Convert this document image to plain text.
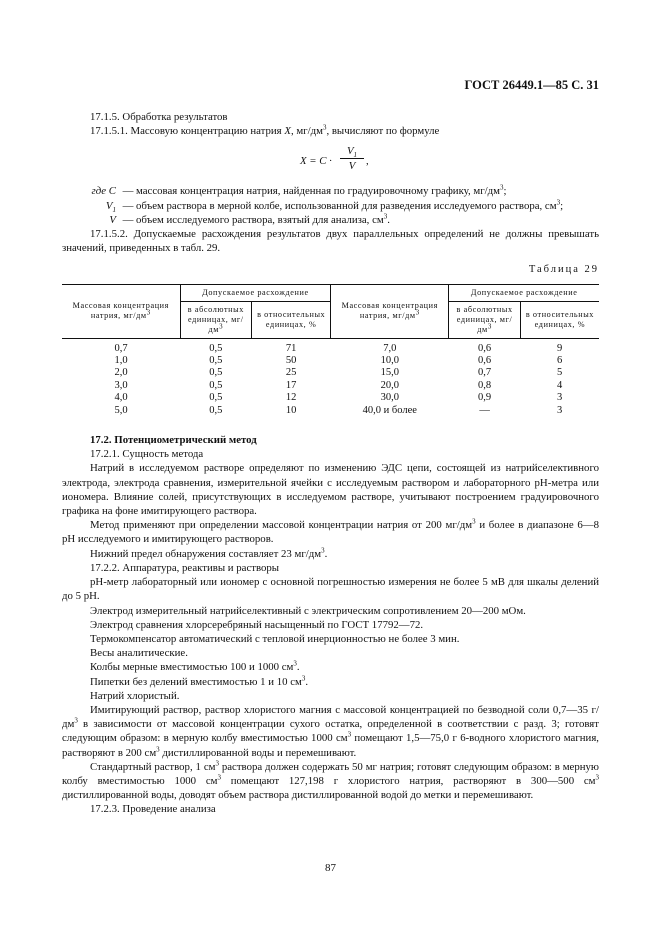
ГОСТ 26449.1—85 С. 31

17.1.5. Обработка результатов

17.1.5.1. Массовую концентрацию натрия X, $мг/дм^3$, вычисляют по формуле

$X = C \cdot \frac{V_1}{V}$ ,
где C — массовая концентрация натрия, найденная по градуировочному графику, $мг/дм^3$;
$V_1$ — объем раствора в мерной колбе, использованной для разведения исследуемого раствора, $см^3$;
V — объем исследуемого раствора, взятый для анализа, $см^3$.

17.1.5.2. Допускаемые расхождения результатов двух параллельных определений не должны превышать значений, приведенных в табл. 29.

Таблица 29
Массовая концентрация натрия, $мг/дм^3$	Допускаемое расхождение		Массовая концентрация натрия, $мг/дм^3$	Допускаемое расхождение	
	в абсолютных единицах, $мг/дм^3$	в относительных единицах, %		в абсолютных единицах, $мг/дм^3$	в относительных единицах, %
0,7	0,5	71	7,0	0,6	9
1,0	0,5	50	10,0	0,6	6
2,0	0,5	25	15,0	0,7	5
3,0	0,5	17	20,0	0,8	4
4,0	0,5	12	30,0	0,9	3
5,0	0,5	10	40,0 и более	—	3

17.2. Потенциометрический метод

17.2.1. Сущность метода

Натрий в исследуемом растворе определяют по изменению ЭДС цепи, состоящей из натрийселективного электрода, электрода сравнения, измерительной ячейки с исследуемым раствором и лабораторного рН-метра или иономера. Влияние солей, присутствующих в исследуемом растворе, учитывают построением градуировочного графика на фоне имитирующего раствора.

Метод применяют при определении массовой концентрации натрия от 200 $мг/дм^3$ и более в диапазоне 6—8 рН исследуемого и имитирующего растворов.

Нижний предел обнаружения составляет 23 $мг/дм^3$.

17.2.2. Аппаратура, реактивы и растворы

рН-метр лабораторный или иономер с основной погрешностью измерения не более 5 мВ для шкалы делений до 5 рН.

Электрод измерительный натрийселективный с электрическим сопротивлением 20—200 мОм.

Электрод сравнения хлорсеребряный насыщенный по ГОСТ 17792—72.

Термокомпенсатор автоматический с тепловой инерционностью не более 3 мин.

Весы аналитические.

Колбы мерные вместимостью 100 и 1000 $см^3$.

Пипетки без делений вместимостью 1 и 10 $см^3$.

Натрий хлористый.

Имитирующий раствор, раствор хлористого магния с массовой концентрацией по безводной соли 0,7—35 $г/дм^3$ в зависимости от массовой концентрации сухого остатка, определенной в соответствии с разд. 3; готовят следующим образом: в мерную колбу вместимостью 1000 $см^3$ помещают 1,5—75,0 г 6-водного хлористого магния, растворяют в 200 $см^3$ дистиллированной воды и перемешивают.

Стандартный раствор, 1 $см^3$ раствора должен содержать 50 мг натрия; готовят следующим образом: в мерную колбу вместимостью 1000 $см^3$ помещают 127,198 г хлористого натрия, растворяют в 300—500 $см^3$ дистиллированной воды, доводят объем раствора дистиллированной водой до метки и перемешивают.

17.2.3. Проведение анализа

87
